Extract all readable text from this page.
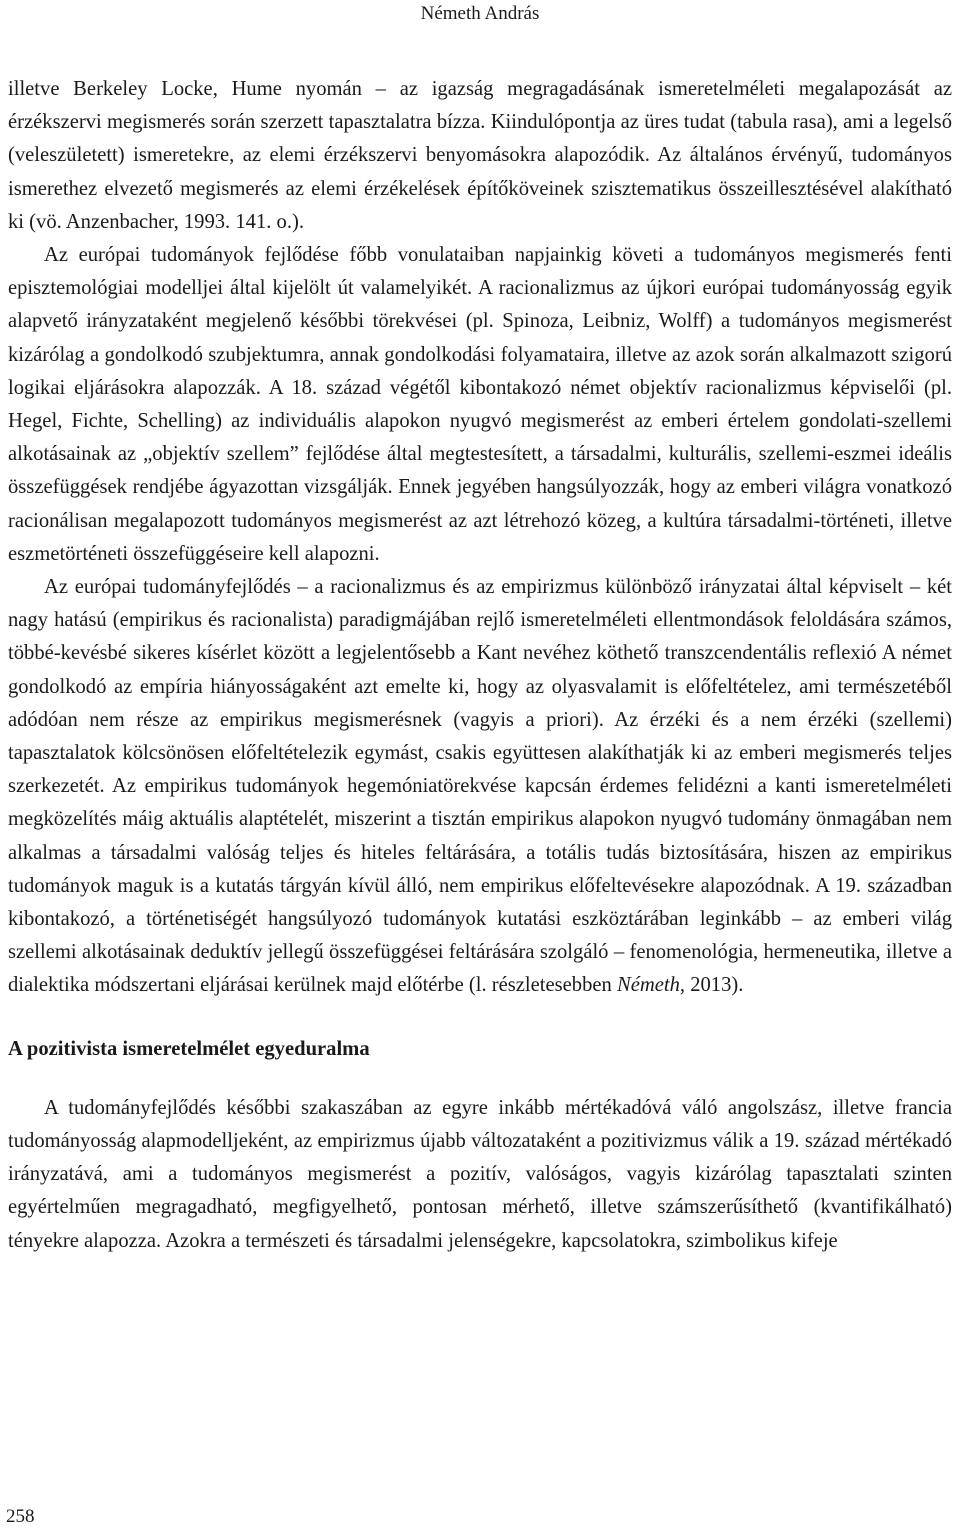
Németh András

illetve Berkeley Locke, Hume nyomán – az igazság megragadásának ismeretelméleti megalapozását az érzékszervi megismerés során szerzett tapasztalatra bízza. Kiindulópontja az üres tudat (tabula rasa), ami a legelső (veleszületett) ismeretekre, az elemi érzékszervi benyomásokra alapozódik. Az általános érvényű, tudományos ismerethez elvezető megismerés az elemi érzékelések építőköveinek szisztematikus összeillesztésével alakítható ki (vö. Anzenbacher, 1993. 141. o.).

Az európai tudományok fejlődése főbb vonulataiban napjainkig követi a tudományos megismerés fenti episztemológiai modelljei által kijelölt út valamelyikét. A racionalizmus az újkori európai tudományosság egyik alapvető irányzataként megjelenő későbbi törekvései (pl. Spinoza, Leibniz, Wolff) a tudományos megismerést kizárólag a gondolkodó szubjektumra, annak gondolkodási folyamataira, illetve az azok során alkalmazott szigorú logikai eljárásokra alapozzák. A 18. század végétől kibontakozó német objektív racionalizmus képviselői (pl. Hegel, Fichte, Schelling) az individuális alapokon nyugvó megismerést az emberi értelem gondolati-szellemi alkotásainak az „objektív szellem” fejlődése által megtestesített, a társadalmi, kulturális, szellemi-eszmei ideális összefüggések rendjébe ágyazottan vizsgálják. Ennek jegyében hangsúlyozzák, hogy az emberi világra vonatkozó racionálisan megalapozott tudományos megismerést az azt létrehozó közeg, a kultúra társadalmi-történeti, illetve eszmetörténeti összefüggéseire kell alapozni.

Az európai tudományfejlődés – a racionalizmus és az empirizmus különböző irányzatai által képviselt – két nagy hatású (empirikus és racionalista) paradigmájában rejlő ismeretelméleti ellentmondások feloldására számos, többé-kevésbé sikeres kísérlet között a legjelentősebb a Kant nevéhez köthető transzcendentális reflexió A német gondolkodó az empíria hiányosságaként azt emelte ki, hogy az olyasvalamit is előfeltételez, ami természetéből adódóan nem része az empirikus megismerésnek (vagyis a priori). Az érzéki és a nem érzéki (szellemi) tapasztalatok kölcsönösen előfeltételezik egymást, csakis együttesen alakíthatják ki az emberi megismerés teljes szerkezetét. Az empirikus tudományok hegemóniatörekvése kapcsán érdemes felidézni a kanti ismeretelméleti megközelítés máig aktuális alaptételét, miszerint a tisztán empirikus alapokon nyugvó tudomány önmagában nem alkalmas a társadalmi valóság teljes és hiteles feltárására, a totális tudás biztosítására, hiszen az empirikus tudományok maguk is a kutatás tárgyán kívül álló, nem empirikus előfeltevésekre alapozódnak. A 19. században kibontakozó, a történetiségét hangsúlyozó tudományok kutatási eszköztárában leginkább – az emberi világ szellemi alkotásainak deduktív jellegű összefüggései feltárására szolgáló – fenomenológia, hermeneutika, illetve a dialektika módszertani eljárásai kerülnek majd előtérbe (l. részletesebben Németh, 2013).

A pozitivista ismeretelmélet egyeduralma

A tudományfejlődés későbbi szakaszában az egyre inkább mértékadóvá váló angolszász, illetve francia tudományosság alapmodelljeként, az empirizmus újabb változataként a pozitivizmus válik a 19. század mértékadó irányzatává, ami a tudományos megismerést a pozitív, valóságos, vagyis kizárólag tapasztalati szinten egyértelműen megragadható, megfigyelhető, pontosan mérhető, illetve számszerűsíthető (kvantifikálható) tényekre alapozza. Azokra a természeti és társadalmi jelenségekre, kapcsolatokra, szimbolikus kifeje

258
